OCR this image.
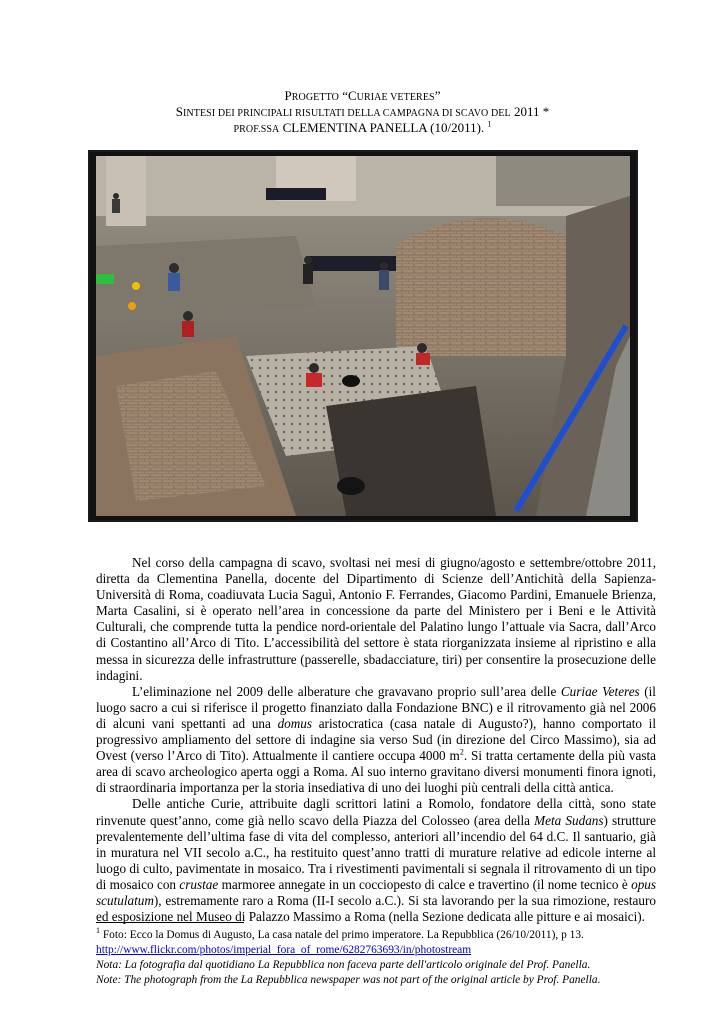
PROGETTO “CURIAE VETERES”
SINTESI DEI PRINCIPALI RISULTATI DELLA CAMPAGNA DI SCAVO DEL 2011 *
PROF.SSA CLEMENTINA PANELLA (10/2011). $^1$

Nel corso della campagna di scavo, svoltasi nei mesi di giugno/agosto e settembre/ottobre 2011, diretta da Clementina Panella, docente del Dipartimento di Scienze dell’Antichità della Sapienza-Università di Roma, coadiuvata Lucia Saguì, Antonio F. Ferrandes, Giacomo Pardini, Emanuele Brienza, Marta Casalini, si è operato nell’area in concessione da parte del Ministero per i Beni e le Attività Culturali, che comprende tutta la pendice nord-orientale del Palatino lungo l’attuale via Sacra, dall’Arco di Costantino all’Arco di Tito. L’accessibilità del settore è stata riorganizzata insieme al ripristino e alla messa in sicurezza delle infrastrutture (passerelle, sbadacciature, tiri) per consentire la prosecuzione delle indagini.

L’eliminazione nel 2009 delle alberature che gravavano proprio sull’area delle Curiae Veteres (il luogo sacro a cui si riferisce il progetto finanziato dalla Fondazione BNC) e il ritrovamento già nel 2006 di alcuni vani spettanti ad una domus aristocratica (casa natale di Augusto?), hanno comportato il progressivo ampliamento del settore di indagine sia verso Sud (in direzione del Circo Massimo), sia ad Ovest (verso l’Arco di Tito). Attualmente il cantiere occupa 4000 $m^2$. Si tratta certamente della più vasta area di scavo archeologico aperta oggi a Roma. Al suo interno gravitano diversi monumenti finora ignoti, di straordinaria importanza per la storia insediativa di uno dei luoghi più centrali della città antica.

Delle antiche Curie, attribuite dagli scrittori latini a Romolo, fondatore della città, sono state rinvenute quest’anno, come già nello scavo della Piazza del Colosseo (area della Meta Sudans) strutture prevalentemente dell’ultima fase di vita del complesso, anteriori all’incendio del 64 d.C. Il santuario, già in muratura nel VII secolo a.C., ha restituito quest’anno tratti di murature relative ad edicole interne al luogo di culto, pavimentate in mosaico. Tra i rivestimenti pavimentali si segnala il ritrovamento di un tipo di mosaico con crustae marmoree annegate in un cocciopesto di calce e travertino (il nome tecnico è opus scutulatum), estremamente raro a Roma (II-I secolo a.C.). Si sta lavorando per la sua rimozione, restauro ed esposizione nel Museo di Palazzo Massimo a Roma (nella Sezione dedicata alle pitture e ai mosaici).

$^1$ Foto: Ecco la Domus di Augusto, La casa natale del primo imperatore. La Repubblica (26/10/2011), p 13.
http://www.flickr.com/photos/imperial_fora_of_rome/6282763693/in/photostream
Nota: La fotografia dal quotidiano La Repubblica non faceva parte dell'articolo originale del Prof. Panella.
Note: The photograph from the La Repubblica newspaper was not part of the original article by Prof. Panella.
